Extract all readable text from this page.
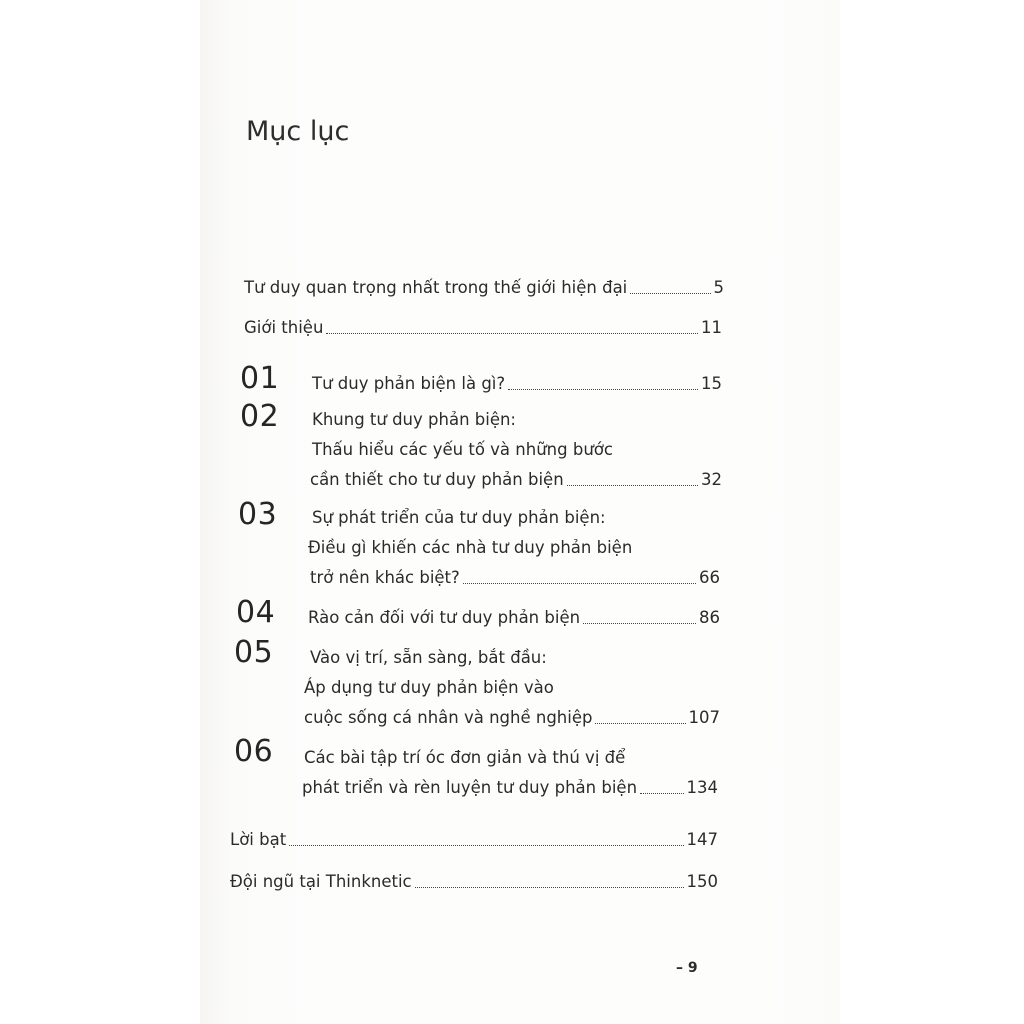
Mục lục
Tư duy quan trọng nhất trong thế giới hiện đại	5
Giới thiệu	11
01 Tư duy phản biện là gì?	15
02 Khung tư duy phản biện:
Thấu hiểu các yếu tố và những bước
cần thiết cho tư duy phản biện	32
03 Sự phát triển của tư duy phản biện:
Điều gì khiến các nhà tư duy phản biện
trở nên khác biệt?	66
04 Rào cản đối với tư duy phản biện	86
05 Vào vị trí, sẵn sàng, bắt đầu:
Áp dụng tư duy phản biện vào
cuộc sống cá nhân và nghề nghiệp	107
06 Các bài tập trí óc đơn giản và thú vị để
phát triển và rèn luyện tư duy phản biện	134
Lời bạt	147
Đội ngũ tại Thinknetic	150
– 9
